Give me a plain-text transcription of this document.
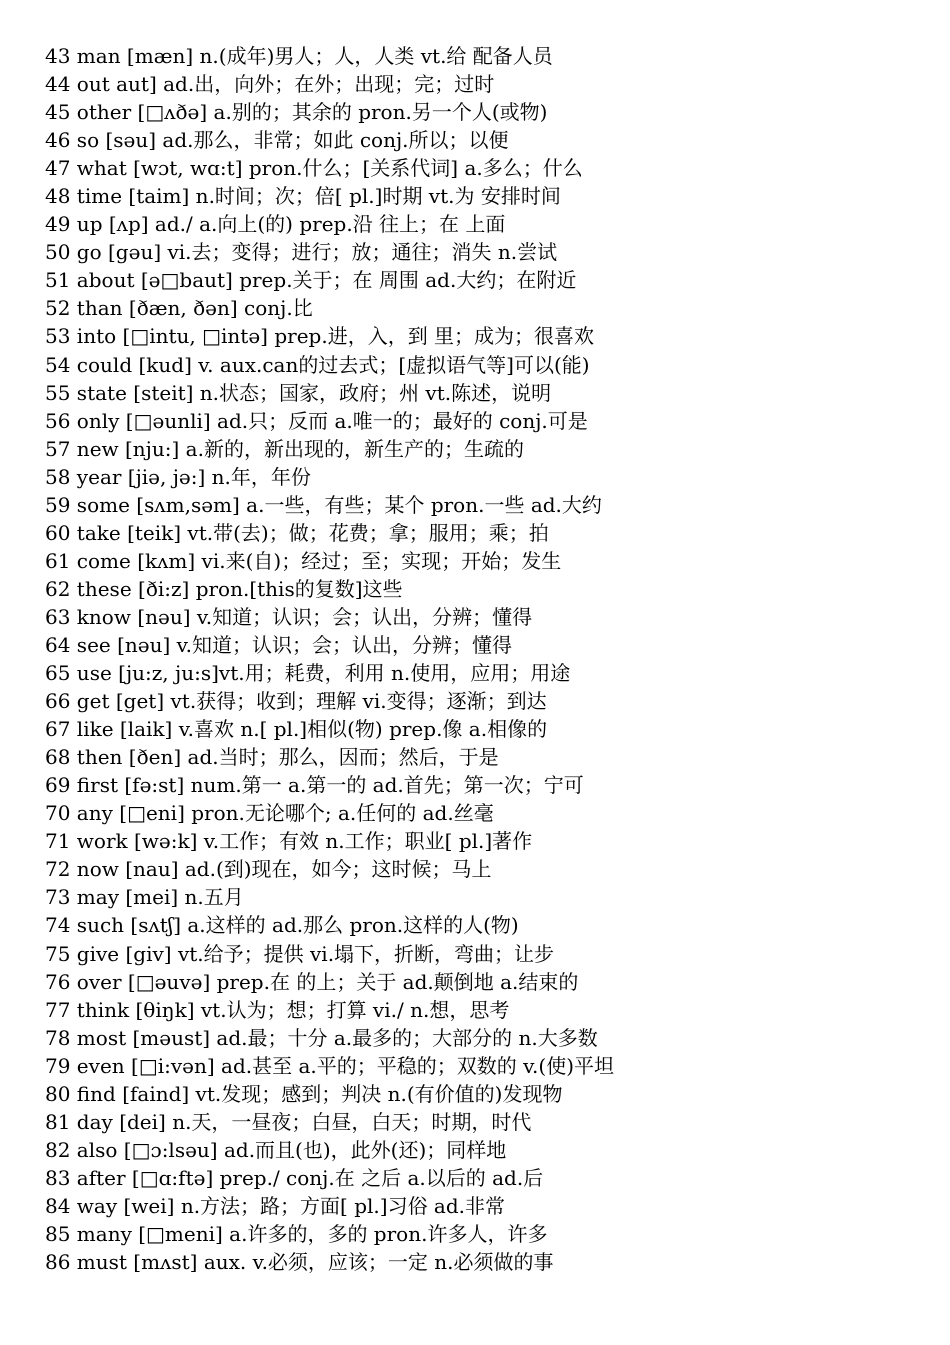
43 man [mæn] n.(成年)男人；人，人类 vt.给 配备人员
44 out aut] ad.出，向外；在外；出现；完；过时
45 other [□ʌðə] a.别的；其余的 pron.另一个人(或物)
46 so [səu] ad.那么，非常；如此 conj.所以；以便
47 what [wɔt, wɑ:t] pron.什么；[关系代词] a.多么；什么
48 time [taim] n.时间；次；倍[ pl.]时期 vt.为 安排时间
49 up [ʌp] ad./ a.向上(的) prep.沿 往上；在 上面
50 go [gəu] vi.去；变得；进行；放；通往；消失 n.尝试
51 about [ə□baut] prep.关于；在 周围 ad.大约；在附近
52 than [ðæn, ðən] conj.比
53 into [□intu, □intə] prep.进，入，到 里；成为；很喜欢
54 could [kud] v. aux.can的过去式；[虚拟语气等]可以(能)
55 state [steit] n.状态；国家，政府；州 vt.陈述，说明
56 only [□əunli] ad.只；反而 a.唯一的；最好的 conj.可是
57 new [nju:] a.新的，新出现的，新生产的；生疏的
58 year [jiə, jə:] n.年，年份
59 some [sʌm,səm] a.一些，有些；某个 pron.一些 ad.大约
60 take [teik] vt.带(去)；做；花费；拿；服用；乘；拍
61 come [kʌm] vi.来(自)；经过；至；实现；开始；发生
62 these [ði:z] pron.[this的复数]这些
63 know [nəu] v.知道；认识；会；认出，分辨；懂得
64 see [nəu] v.知道；认识；会；认出，分辨；懂得
65 use [ju:z, ju:s]vt.用；耗费，利用 n.使用，应用；用途
66 get [get] vt.获得；收到；理解 vi.变得；逐渐；到达
67 like [laik] v.喜欢 n.[ pl.]相似(物) prep.像 a.相像的
68 then [ðen] ad.当时；那么，因而；然后，于是
69 first [fə:st] num.第一 a.第一的 ad.首先；第一次；宁可
70 any [□eni] pron.无论哪个; a.任何的 ad.丝毫
71 work [wə:k] v.工作；有效 n.工作；职业[ pl.]著作
72 now [nau] ad.(到)现在，如今；这时候；马上
73 may [mei] n.五月
74 such [sʌtʃ] a.这样的 ad.那么 pron.这样的人(物)
75 give [giv] vt.给予；提供 vi.塌下，折断，弯曲；让步
76 over [□əuvə] prep.在 的上；关于 ad.颠倒地 a.结束的
77 think [θiŋk] vt.认为；想；打算 vi./ n.想，思考
78 most [məust] ad.最；十分 a.最多的；大部分的 n.大多数
79 even [□i:vən] ad.甚至 a.平的；平稳的；双数的 v.(使)平坦
80 find [faind] vt.发现；感到；判决 n.(有价值的)发现物
81 day [dei] n.天，一昼夜；白昼，白天；时期，时代
82 also [□ɔ:lsəu] ad.而且(也)，此外(还)；同样地
83 after [□ɑ:ftə] prep./ conj.在 之后 a.以后的 ad.后
84 way [wei] n.方法；路；方面[ pl.]习俗 ad.非常
85 many [□meni] a.许多的，多的 pron.许多人，许多
86 must [mʌst] aux. v.必须，应该；一定 n.必须做的事
